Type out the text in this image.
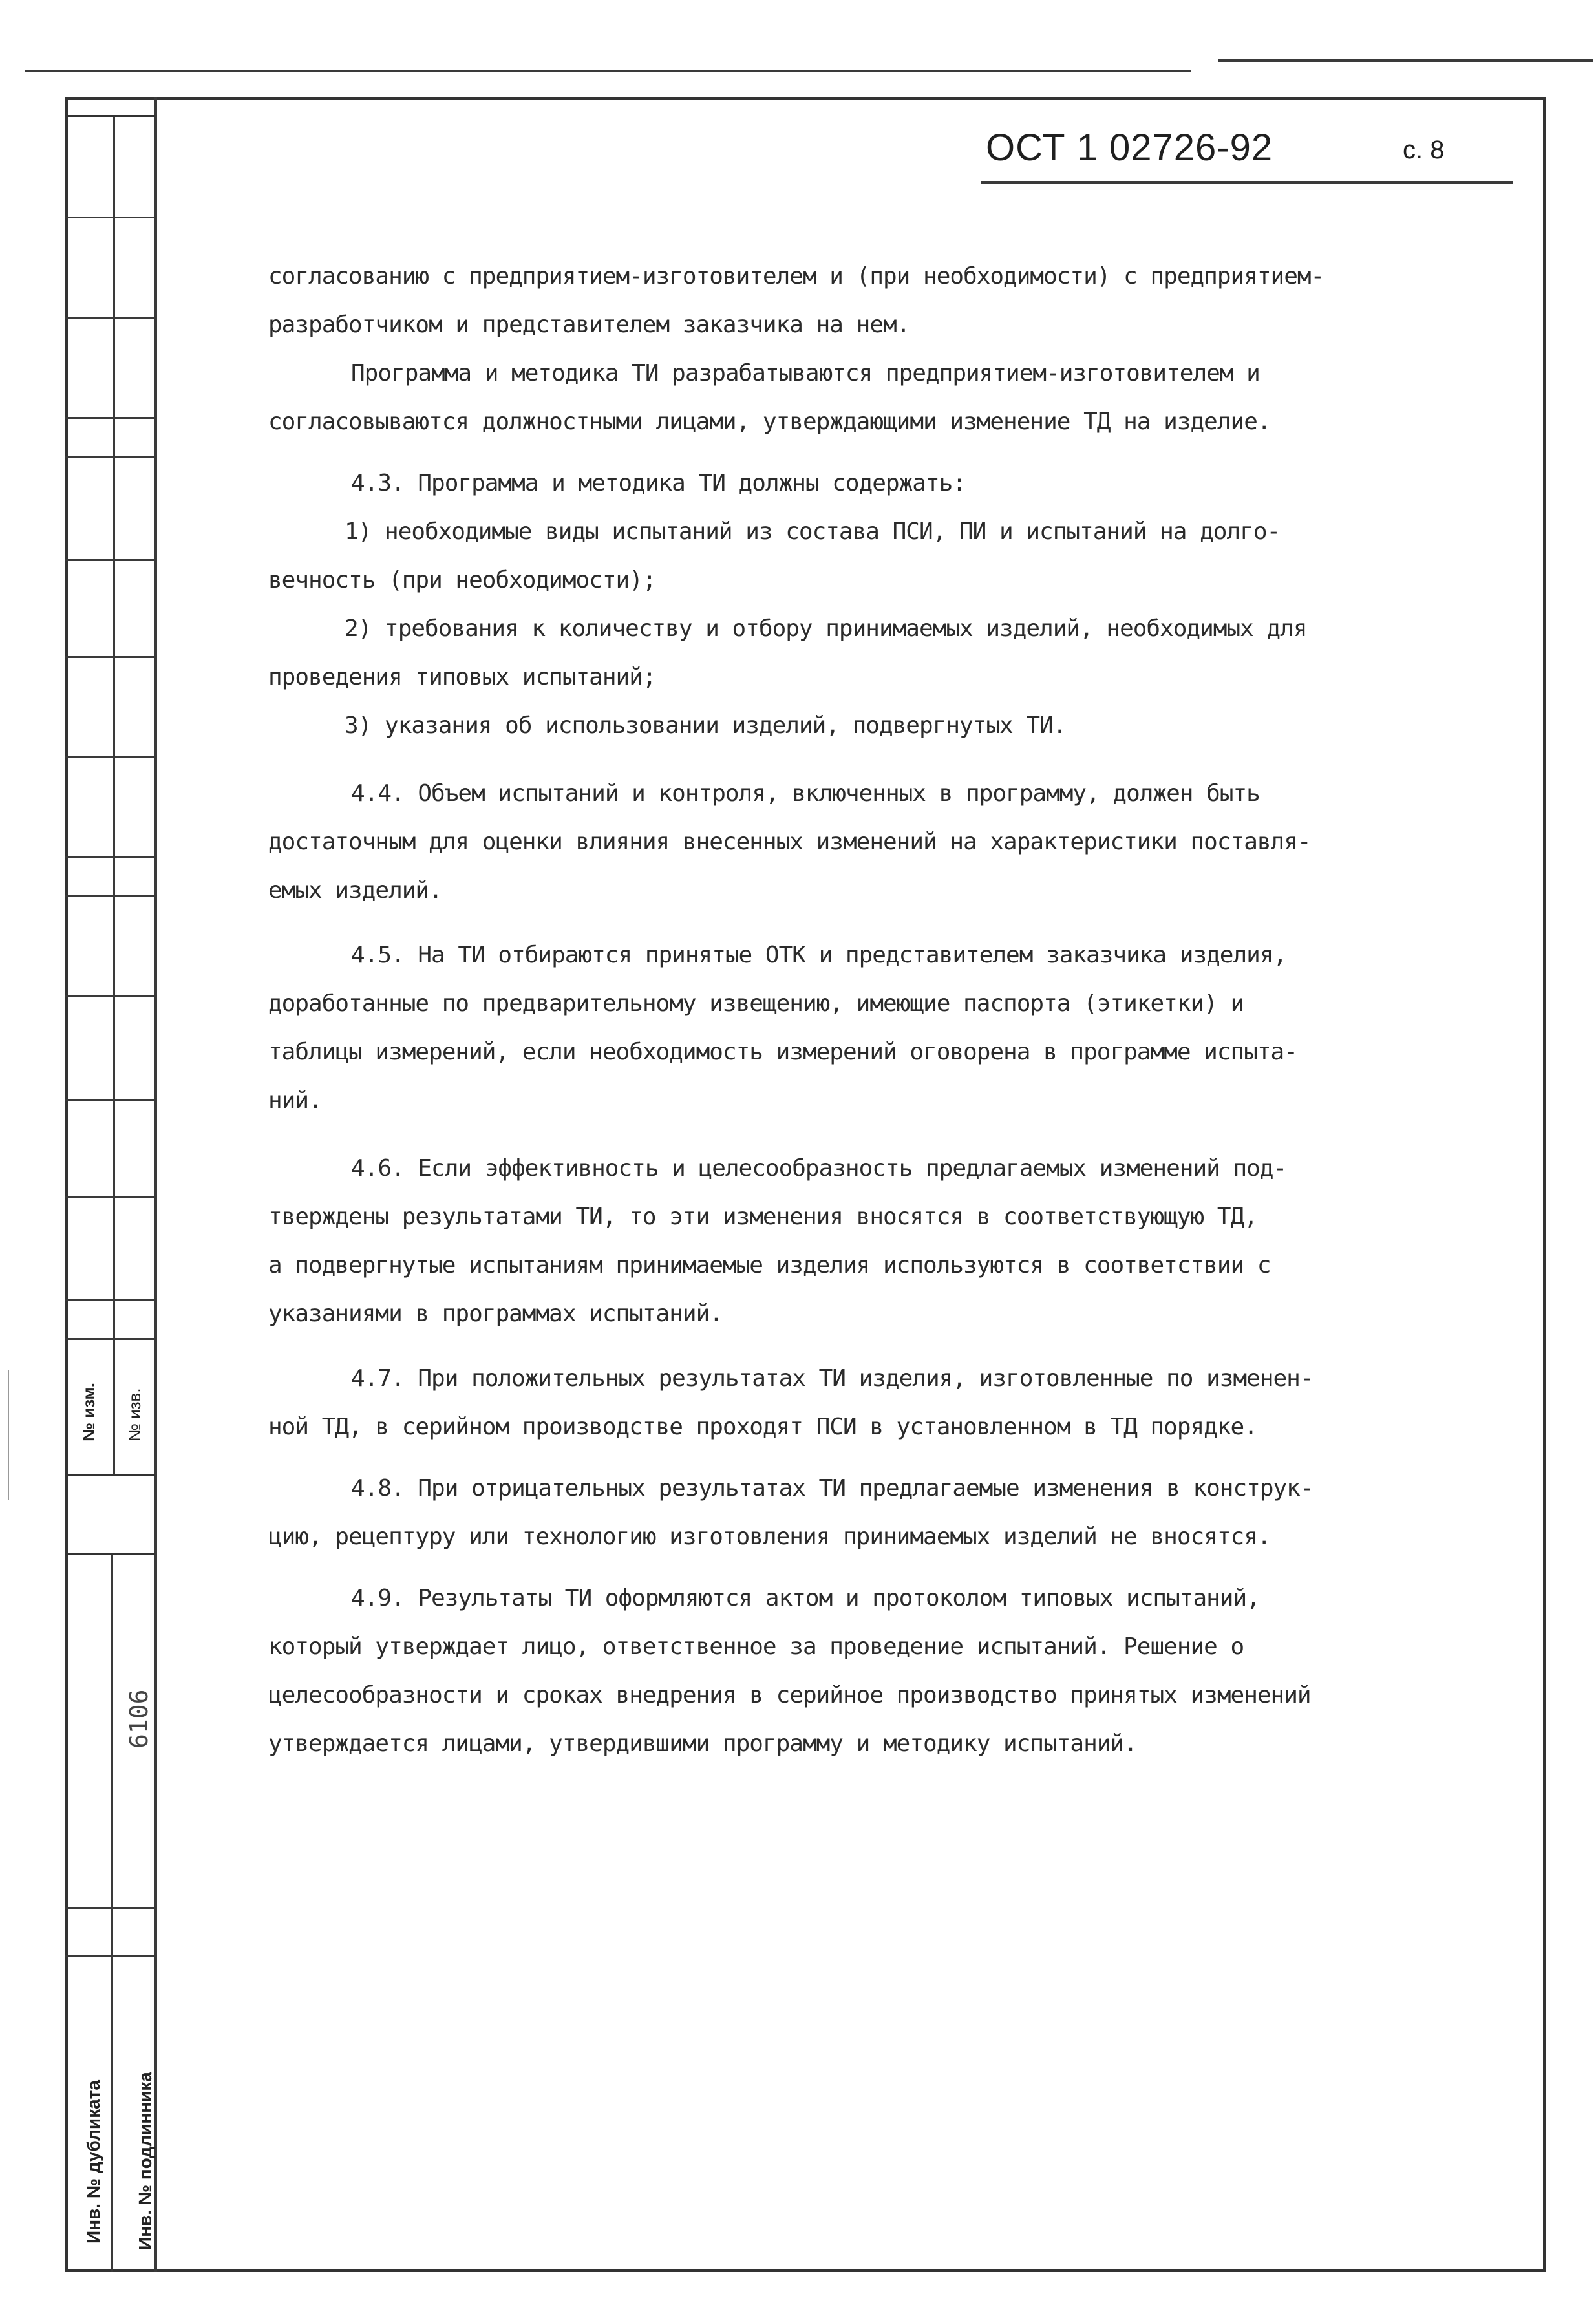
№ изм. № изв.
6106
Инв. № дубликата Инв. № подлинника
ОСТ 1 02726-92	с. 8

согласованию с предприятием-изготовителем и (при необходимости) с предприятием-

разработчиком и представителем заказчика на нем.

Программа и методика ТИ разрабатываются предприятием-изготовителем и

согласовываются должностными лицами, утверждающими изменение ТД на изделие.

4.3. Программа и методика ТИ должны содержать:

1) необходимые виды испытаний из состава ПСИ, ПИ и испытаний на долго-

вечность (при необходимости);

2) требования к количеству и отбору принимаемых изделий, необходимых для

проведения типовых испытаний;

3) указания об использовании изделий, подвергнутых ТИ.

4.4. Объем испытаний и контроля, включенных в программу, должен быть

достаточным для оценки влияния внесенных изменений на характеристики поставля-

емых изделий.

4.5. На ТИ отбираются принятые ОТК и представителем заказчика изделия,

доработанные по предварительному извещению, имеющие паспорта (этикетки) и

таблицы измерений, если необходимость измерений оговорена в программе испыта-

ний.

4.6. Если эффективность и целесообразность предлагаемых изменений под-

тверждены результатами ТИ, то эти изменения вносятся в соответствующую ТД,

а подвергнутые испытаниям принимаемые изделия используются в соответствии с

указаниями в программах испытаний.

4.7. При положительных результатах ТИ изделия, изготовленные по изменен-

ной ТД, в серийном производстве проходят ПСИ в установленном в ТД порядке.

4.8. При отрицательных результатах ТИ предлагаемые изменения в конструк-

цию, рецептуру или технологию изготовления принимаемых изделий не вносятся.

4.9. Результаты ТИ оформляются актом и протоколом типовых испытаний,

который утверждает лицо, ответственное за проведение испытаний. Решение о

целесообразности и сроках внедрения в серийное производство принятых изменений

утверждается лицами, утвердившими программу и методику испытаний.
